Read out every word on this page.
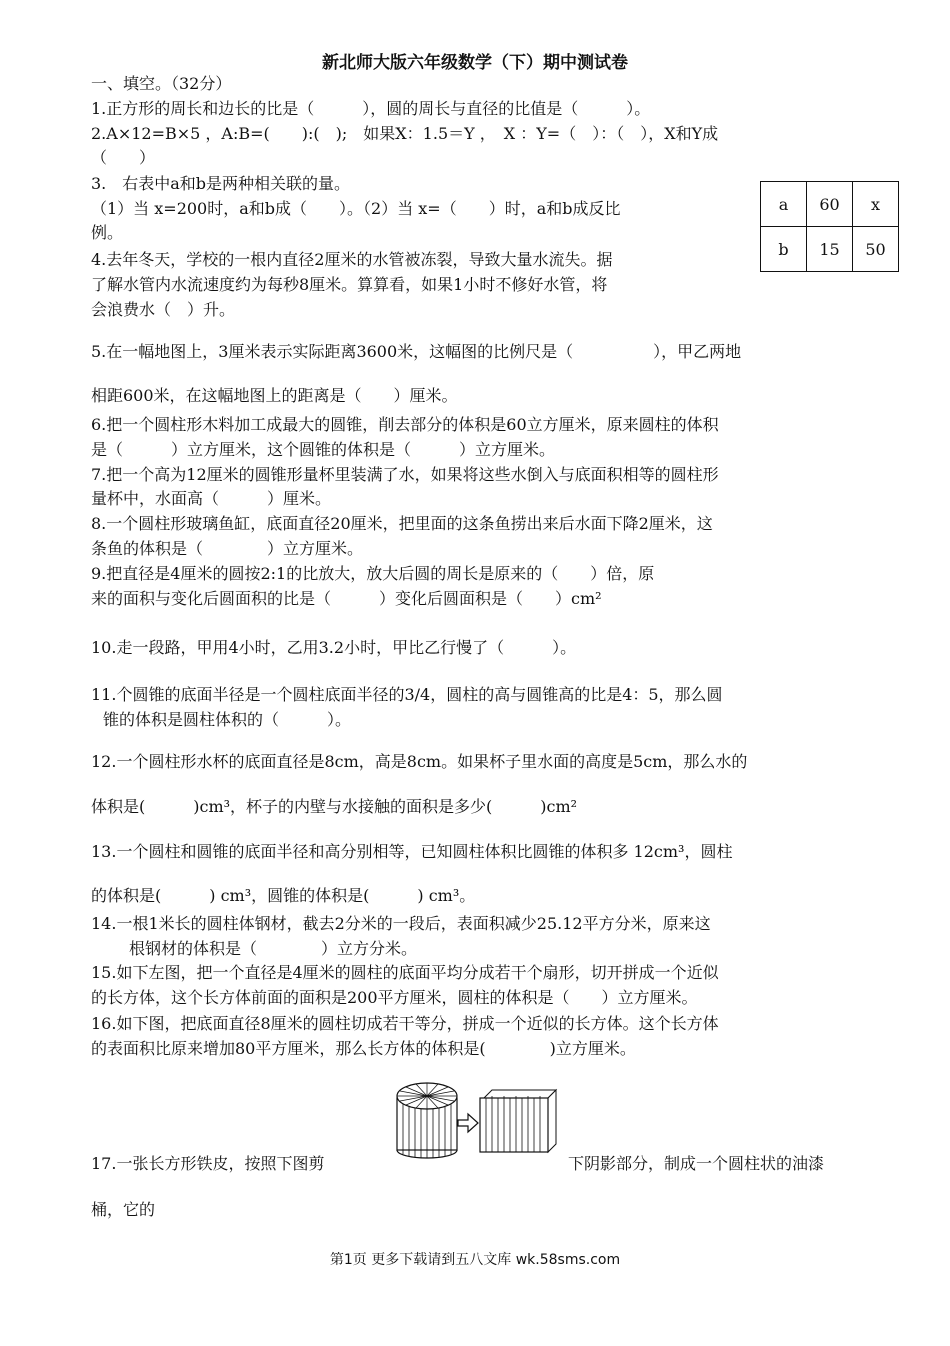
新北师大版六年级数学（下）期中测试卷
一、填空。（32分）
1.正方形的周长和边长的比是（　　　），圆的周长与直径的比值是（　　　）。
2.A×12=B×5 ，A:B=(　　):(　);　如果X：1.5＝Y ，　X ：Y=（　）：（　），X和Y成
（　　）
3.　右表中a和b是两种相关联的量。
（1）当 x=200时，a和b成（　　）。（2）当 x=（　　）时，a和b成反比
例。
a	60	x
b	15	50
4.去年冬天，学校的一根内直径2厘米的水管被冻裂，导致大量水流失。据
了解水管内水流速度约为每秒8厘米。算算看，如果1小时不修好水管，将
会浪费水（　）升。
5.在一幅地图上，3厘米表示实际距离3600米，这幅图的比例尺是（　　　　　），甲乙两地
相距600米，在这幅地图上的距离是（　　）厘米。
6.把一个圆柱形木料加工成最大的圆锥，削去部分的体积是60立方厘米，原来圆柱的体积
是（　　　）立方厘米，这个圆锥的体积是（　　　）立方厘米。
7.把一个高为12厘米的圆锥形量杯里装满了水，如果将这些水倒入与底面积相等的圆柱形
量杯中，水面高（　　　）厘米。
8.一个圆柱形玻璃鱼缸，底面直径20厘米，把里面的这条鱼捞出来后水面下降2厘米，这
条鱼的体积是（　　　　）立方厘米。
9.把直径是4厘米的圆按2:1的比放大，放大后圆的周长是原来的（　　）倍，原
来的面积与变化后圆面积的比是（　　　）变化后圆面积是（　　）cm²
10.走一段路，甲用4小时，乙用3.2小时，甲比乙行慢了（　　　）。
11.个圆锥的底面半径是一个圆柱底面半径的3/4，圆柱的高与圆锥高的比是4：5，那么圆
锥的体积是圆柱体积的（　　　）。
12.一个圆柱形水杯的底面直径是8cm，高是8cm。如果杯子里水面的高度是5cm，那么水的
体积是(　　　)cm³，杯子的内壁与水接触的面积是多少(　　　)cm²
13.一个圆柱和圆锥的底面半径和高分别相等，已知圆柱体积比圆锥的体积多 12cm³，圆柱
的体积是(　　　) cm³，圆锥的体积是(　　　) cm³。
14.一根1米长的圆柱体钢材，截去2分米的一段后，表面积减少25.12平方分米，原来这
根钢材的体积是（　　　　）立方分米。
15.如下左图，把一个直径是4厘米的圆柱的底面平均分成若干个扇形，切开拼成一个近似
的长方体，这个长方体前面的面积是200平方厘米，圆柱的体积是（　　）立方厘米。
16.如下图，把底面直径8厘米的圆柱切成若干等分，拼成一个近似的长方体。这个长方体
的表面积比原来增加80平方厘米，那么长方体的体积是(　　　　)立方厘米。
17.一张长方形铁皮，按照下图剪	下阴影部分，制成一个圆柱状的油漆
桶，它的
第1页 更多下载请到五八文库 wk.58sms.com
